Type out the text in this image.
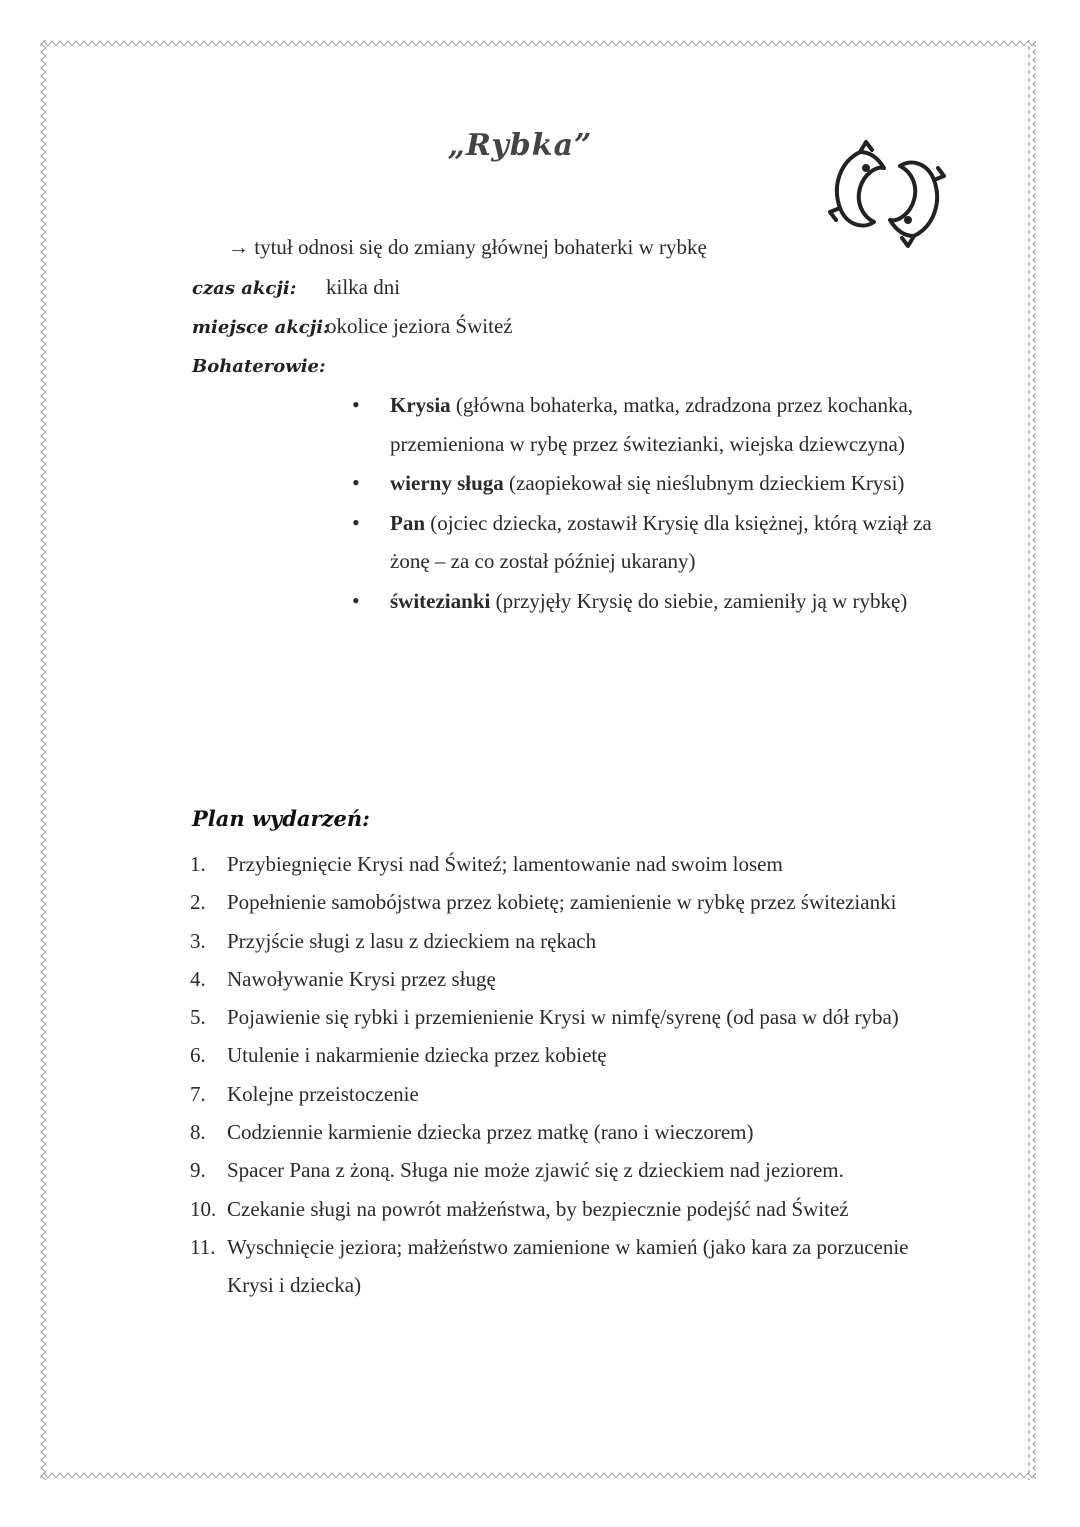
„Rybka”
→ tytuł odnosi się do zmiany głównej bohaterki w rybkę
czas akcji: kilka dni
miejsce akcji:
okolice jeziora Świteź
Bohaterowie:
• Krysia (główna bohaterka, matka, zdradzona przez kochanka, przemieniona w rybę przez świtezianki, wiejska dziewczyna)
• wierny sługa (zaopiekował się nieślubnym dzieckiem Krysi)
• Pan (ojciec dziecka, zostawił Krysię dla księżnej, którą wziął za żonę – za co został później ukarany)
• świtezianki (przyjęły Krysię do siebie, zamieniły ją w rybkę)
Plan wydarzeń:
1. Przybiegnięcie Krysi nad Świteź; lamentowanie nad swoim losem
2. Popełnienie samobójstwa przez kobietę; zamienienie w rybkę przez świtezianki
3. Przyjście sługi z lasu z dzieckiem na rękach
4. Nawoływanie Krysi przez sługę
5. Pojawienie się rybki i przemienienie Krysi w nimfę/syrenę (od pasa w dół ryba)
6. Utulenie i nakarmienie dziecka przez kobietę
7. Kolejne przeistoczenie
8. Codziennie karmienie dziecka przez matkę (rano i wieczorem)
9. Spacer Pana z żoną. Sługa nie może zjawić się z dzieckiem nad jeziorem.
10. Czekanie sługi na powrót małżeństwa, by bezpiecznie podejść nad Świteź
11. Wyschnięcie jeziora; małżeństwo zamienione w kamień (jako kara za porzucenie Krysi i dziecka)
